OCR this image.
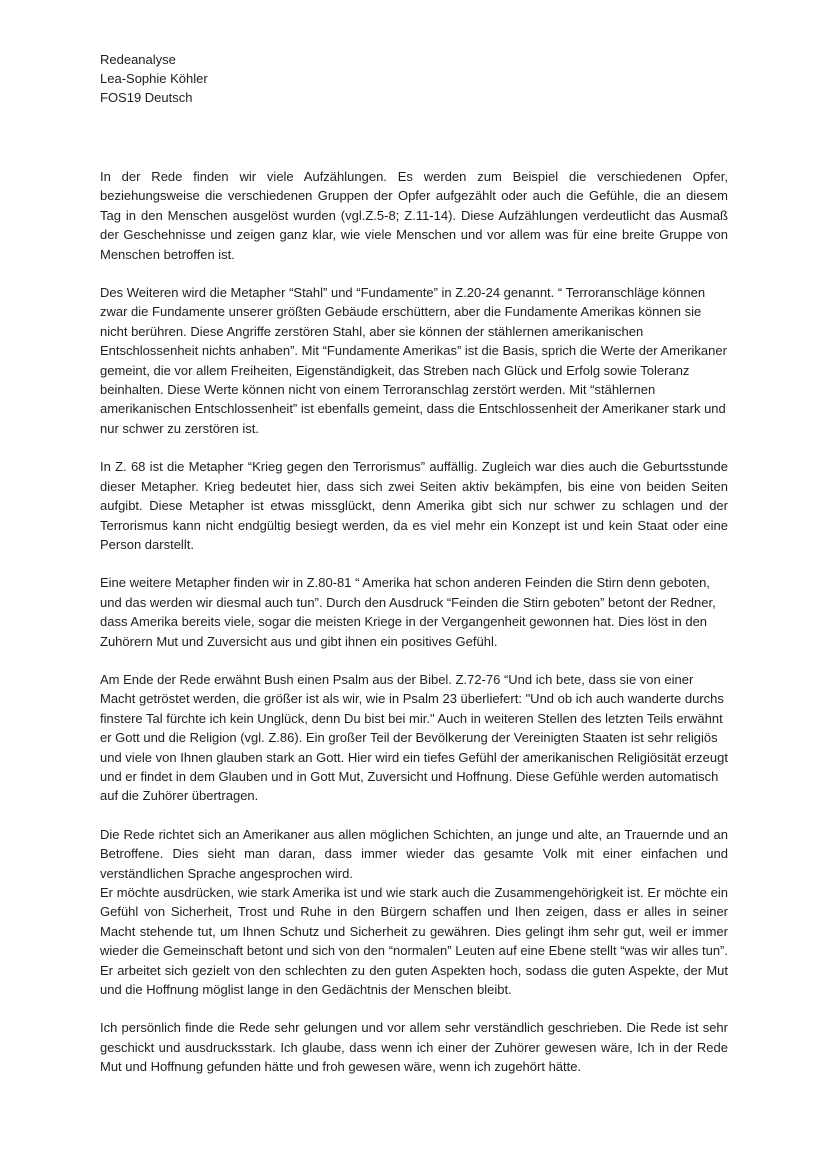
Redeanalyse

Lea-Sophie Köhler

FOS19 Deutsch

In der Rede finden wir viele Aufzählungen. Es werden zum Beispiel die verschiedenen Opfer, beziehungsweise die verschiedenen Gruppen der Opfer aufgezählt oder auch die Gefühle, die an diesem Tag in den Menschen ausgelöst wurden (vgl.Z.5-8; Z.11-14). Diese Aufzählungen verdeutlicht das Ausmaß der Geschehnisse und zeigen ganz klar, wie viele Menschen und vor allem was für eine breite Gruppe von Menschen betroffen ist.

Des Weiteren wird die Metapher “Stahl” und “Fundamente” in Z.20-24 genannt. “ Terroranschläge können zwar die Fundamente unserer größten Gebäude erschüttern, aber die Fundamente Amerikas können sie nicht berühren. Diese Angriffe zerstören Stahl, aber sie können der stählernen amerikanischen Entschlossenheit nichts anhaben”. Mit “Fundamente Amerikas” ist die Basis, sprich die Werte der Amerikaner gemeint, die vor allem Freiheiten, Eigenständigkeit, das Streben nach Glück und Erfolg sowie Toleranz beinhalten. Diese Werte können nicht von einem Terroranschlag zerstört werden. Mit “stählernen amerikanischen Entschlossenheit” ist ebenfalls gemeint, dass die Entschlossenheit der Amerikaner stark und nur schwer zu zerstören ist.

In Z. 68 ist die Metapher “Krieg gegen den Terrorismus” auffällig. Zugleich war dies auch die Geburtsstunde dieser Metapher. Krieg bedeutet hier, dass sich zwei Seiten aktiv bekämpfen, bis eine von beiden Seiten aufgibt. Diese Metapher ist etwas missglückt, denn Amerika gibt sich nur schwer zu schlagen und der Terrorismus kann nicht endgültig besiegt werden, da es viel mehr ein Konzept ist und kein Staat oder eine Person darstellt.

Eine weitere Metapher finden wir in Z.80-81 “ Amerika hat schon anderen Feinden die Stirn denn geboten, und das werden wir diesmal auch tun”. Durch den Ausdruck “Feinden die Stirn geboten” betont der Redner, dass Amerika bereits viele, sogar die meisten Kriege in der Vergangenheit gewonnen hat. Dies löst in den Zuhörern Mut und Zuversicht aus und gibt ihnen ein positives Gefühl.

Am Ende der Rede erwähnt Bush einen Psalm aus der Bibel. Z.72-76 “Und ich bete, dass sie von einer Macht getröstet werden, die größer ist als wir, wie in Psalm 23 überliefert: "Und ob ich auch wanderte durchs finstere Tal fürchte ich kein Unglück, denn Du bist bei mir." Auch in weiteren Stellen des letzten Teils erwähnt er Gott und die Religion (vgl. Z.86). Ein großer Teil der Bevölkerung der Vereinigten Staaten ist sehr religiös und viele von Ihnen glauben stark an Gott. Hier wird ein tiefes Gefühl der amerikanischen Religiösität erzeugt und er findet in dem Glauben und in Gott Mut, Zuversicht und Hoffnung. Diese Gefühle werden automatisch auf die Zuhörer übertragen.

Die Rede richtet sich an Amerikaner aus allen möglichen Schichten, an junge und alte, an Trauernde und an Betroffene. Dies sieht man daran, dass immer wieder das gesamte Volk mit einer einfachen und verständlichen Sprache angesprochen wird.

Er möchte ausdrücken, wie stark Amerika ist und wie stark auch die Zusammengehörigkeit ist. Er möchte ein Gefühl von Sicherheit, Trost und Ruhe in den Bürgern schaffen und Ihen zeigen, dass er alles in seiner Macht stehende tut, um Ihnen Schutz und Sicherheit zu gewähren. Dies gelingt ihm sehr gut, weil er immer wieder die Gemeinschaft betont und sich von den “normalen” Leuten auf eine Ebene stellt “was wir alles tun”. Er arbeitet sich gezielt von den schlechten zu den guten Aspekten hoch, sodass die guten Aspekte, der Mut und die Hoffnung möglist lange in den Gedächtnis der Menschen bleibt.

Ich persönlich finde die Rede sehr gelungen und vor allem sehr verständlich geschrieben. Die Rede ist sehr geschickt und ausdrucksstark. Ich glaube, dass wenn ich einer der Zuhörer gewesen wäre, Ich in der Rede Mut und Hoffnung gefunden hätte und froh gewesen wäre, wenn ich zugehört hätte.
